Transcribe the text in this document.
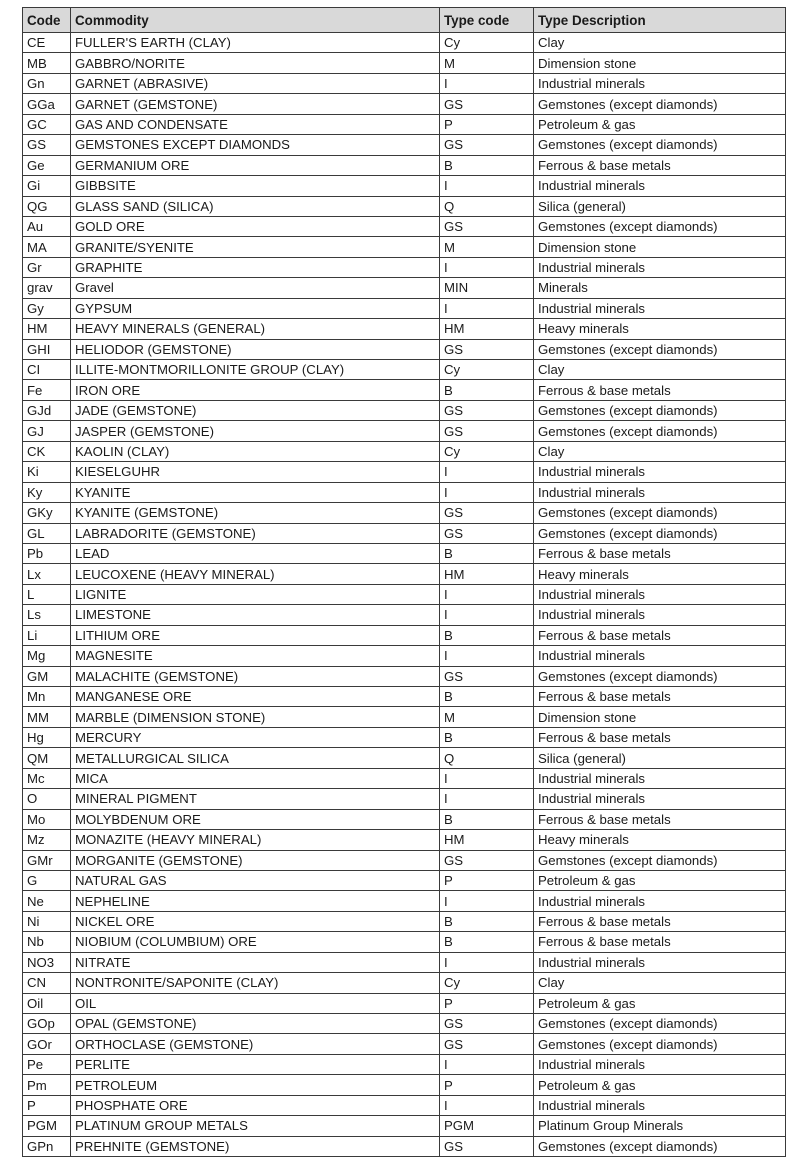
Code	Commodity	Type code	Type Description
CE	FULLER'S EARTH (CLAY)	Cy	Clay
MB	GABBRO/NORITE	M	Dimension stone
Gn	GARNET (ABRASIVE)	I	Industrial minerals
GGa	GARNET (GEMSTONE)	GS	Gemstones (except diamonds)
GC	GAS AND CONDENSATE	P	Petroleum & gas
GS	GEMSTONES EXCEPT DIAMONDS	GS	Gemstones (except diamonds)
Ge	GERMANIUM ORE	B	Ferrous & base metals
Gi	GIBBSITE	I	Industrial minerals
QG	GLASS SAND (SILICA)	Q	Silica (general)
Au	GOLD ORE	GS	Gemstones (except diamonds)
MA	GRANITE/SYENITE	M	Dimension stone
Gr	GRAPHITE	I	Industrial minerals
grav	Gravel	MIN	Minerals
Gy	GYPSUM	I	Industrial minerals
HM	HEAVY MINERALS (GENERAL)	HM	Heavy minerals
GHI	HELIODOR (GEMSTONE)	GS	Gemstones (except diamonds)
CI	ILLITE-MONTMORILLONITE GROUP (CLAY)	Cy	Clay
Fe	IRON ORE	B	Ferrous & base metals
GJd	JADE (GEMSTONE)	GS	Gemstones (except diamonds)
GJ	JASPER (GEMSTONE)	GS	Gemstones (except diamonds)
CK	KAOLIN (CLAY)	Cy	Clay
Ki	KIESELGUHR	I	Industrial minerals
Ky	KYANITE	I	Industrial minerals
GKy	KYANITE (GEMSTONE)	GS	Gemstones (except diamonds)
GL	LABRADORITE (GEMSTONE)	GS	Gemstones (except diamonds)
Pb	LEAD	B	Ferrous & base metals
Lx	LEUCOXENE (HEAVY MINERAL)	HM	Heavy minerals
L	LIGNITE	I	Industrial minerals
Ls	LIMESTONE	I	Industrial minerals
Li	LITHIUM ORE	B	Ferrous & base metals
Mg	MAGNESITE	I	Industrial minerals
GM	MALACHITE (GEMSTONE)	GS	Gemstones (except diamonds)
Mn	MANGANESE ORE	B	Ferrous & base metals
MM	MARBLE (DIMENSION STONE)	M	Dimension stone
Hg	MERCURY	B	Ferrous & base metals
QM	METALLURGICAL SILICA	Q	Silica (general)
Mc	MICA	I	Industrial minerals
O	MINERAL PIGMENT	I	Industrial minerals
Mo	MOLYBDENUM ORE	B	Ferrous & base metals
Mz	MONAZITE (HEAVY MINERAL)	HM	Heavy minerals
GMr	MORGANITE (GEMSTONE)	GS	Gemstones (except diamonds)
G	NATURAL GAS	P	Petroleum & gas
Ne	NEPHELINE	I	Industrial minerals
Ni	NICKEL ORE	B	Ferrous & base metals
Nb	NIOBIUM (COLUMBIUM) ORE	B	Ferrous & base metals
NO3	NITRATE	I	Industrial minerals
CN	NONTRONITE/SAPONITE (CLAY)	Cy	Clay
Oil	OIL	P	Petroleum & gas
GOp	OPAL (GEMSTONE)	GS	Gemstones (except diamonds)
GOr	ORTHOCLASE (GEMSTONE)	GS	Gemstones (except diamonds)
Pe	PERLITE	I	Industrial minerals
Pm	PETROLEUM	P	Petroleum & gas
P	PHOSPHATE ORE	I	Industrial minerals
PGM	PLATINUM GROUP METALS	PGM	Platinum Group Minerals
GPn	PREHNITE (GEMSTONE)	GS	Gemstones (except diamonds)
